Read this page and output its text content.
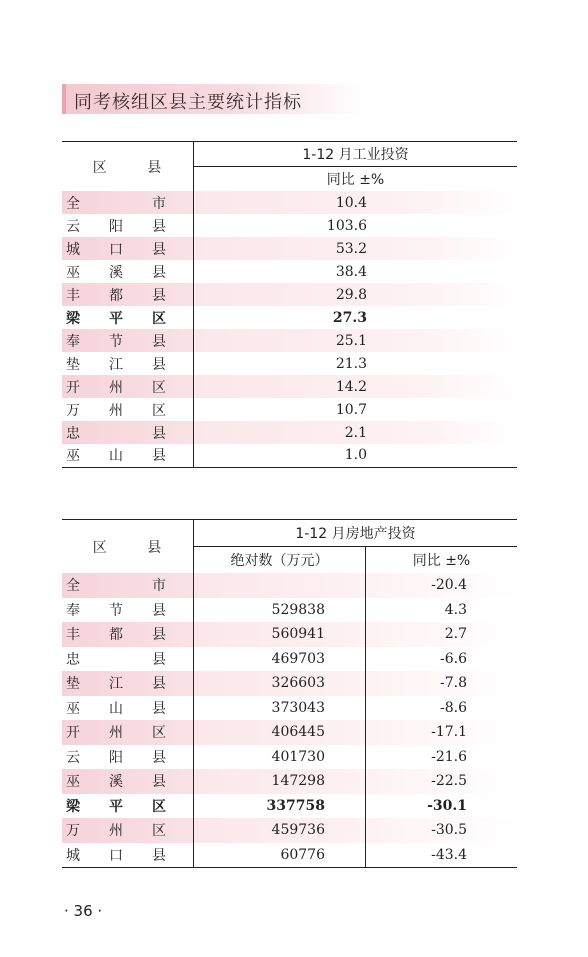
同考核组区县主要统计指标
区 县	1-12 月工业投资
	同比 ±%

全 市	10.4

云 阳 县	103.6

城 口 县	53.2

巫 溪 县	38.4

丰 都 县	29.8

梁 平 区	27.3

奉 节 县	25.1

垫 江 县	21.3

开 州 区	14.2

万 州 区	10.7

忠 县	2.1

巫 山 县	1.0
区 县	1-12 月房地产投资	
	绝对数（万元）	同比 ±%

全 市		-20.4

奉 节 县	529838	4.3

丰 都 县	560941	2.7

忠 县	469703	-6.6

垫 江 县	326603	-7.8

巫 山 县	373043	-8.6

开 州 区	406445	-17.1

云 阳 县	401730	-21.6

巫 溪 县	147298	-22.5

梁 平 区	337758	-30.1

万 州 区	459736	-30.5

城 口 县	60776	-43.4
· 36 ·
